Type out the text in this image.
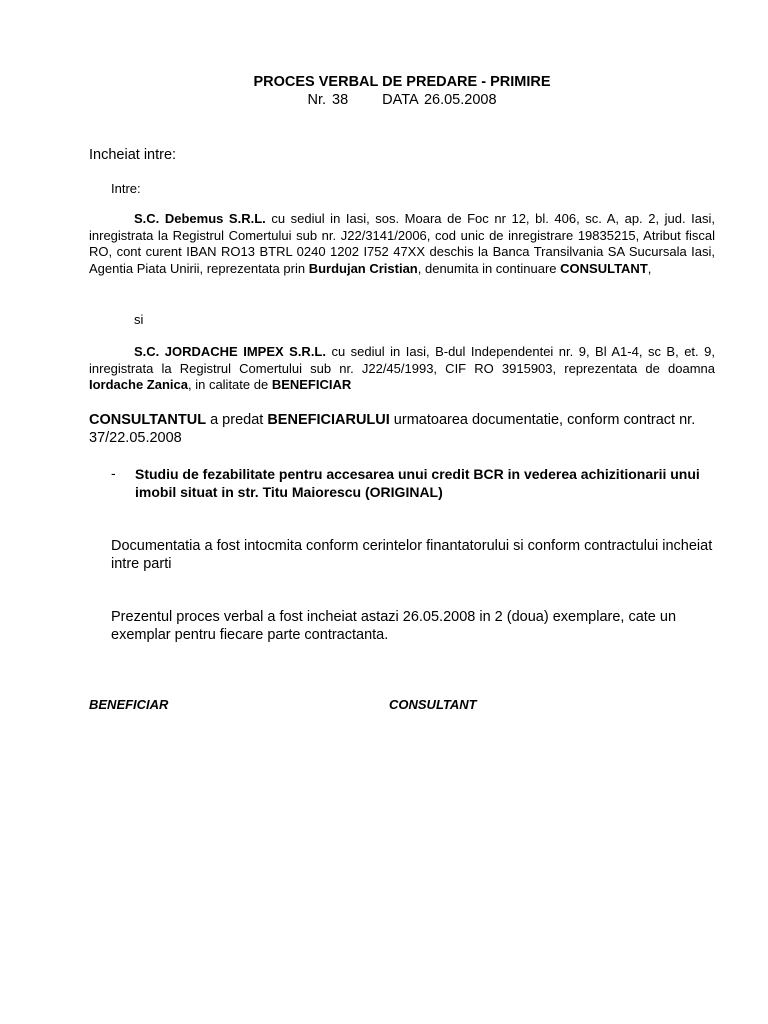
PROCES VERBAL DE PREDARE - PRIMIRE
Nr. 38 DATA 26.05.2008
Incheiat intre:
Intre:
S.C. Debemus S.R.L. cu sediul in Iasi, sos. Moara de Foc nr 12, bl. 406, sc. A, ap. 2, jud. Iasi, inregistrata la Registrul Comertului sub nr. J22/3141/2006, cod unic de inregistrare 19835215, Atribut fiscal RO, cont curent IBAN RO13 BTRL 0240 1202 I752 47XX deschis la Banca Transilvania SA Sucursala Iasi, Agentia Piata Unirii, reprezentata prin Burdujan Cristian, denumita in continuare CONSULTANT,
si
S.C. JORDACHE IMPEX S.R.L. cu sediul in Iasi, B-dul Independentei nr. 9, Bl A1-4, sc B, et. 9, inregistrata la Registrul Comertului sub nr. J22/45/1993, CIF RO 3915903, reprezentata de doamna Iordache Zanica, in calitate de BENEFICIAR
CONSULTANTUL a predat BENEFICIARULUI urmatoarea documentatie, conform contract nr. 37/22.05.2008
- Studiu de fezabilitate pentru accesarea unui credit BCR in vederea achizitionarii unui imobil situat in str. Titu Maiorescu (ORIGINAL)
Documentatia a fost intocmita conform cerintelor finantatorului si conform contractului incheiat intre parti
Prezentul proces verbal a fost incheiat astazi 26.05.2008 in 2 (doua) exemplare, cate un exemplar pentru fiecare parte contractanta.
BENEFICIAR	CONSULTANT
